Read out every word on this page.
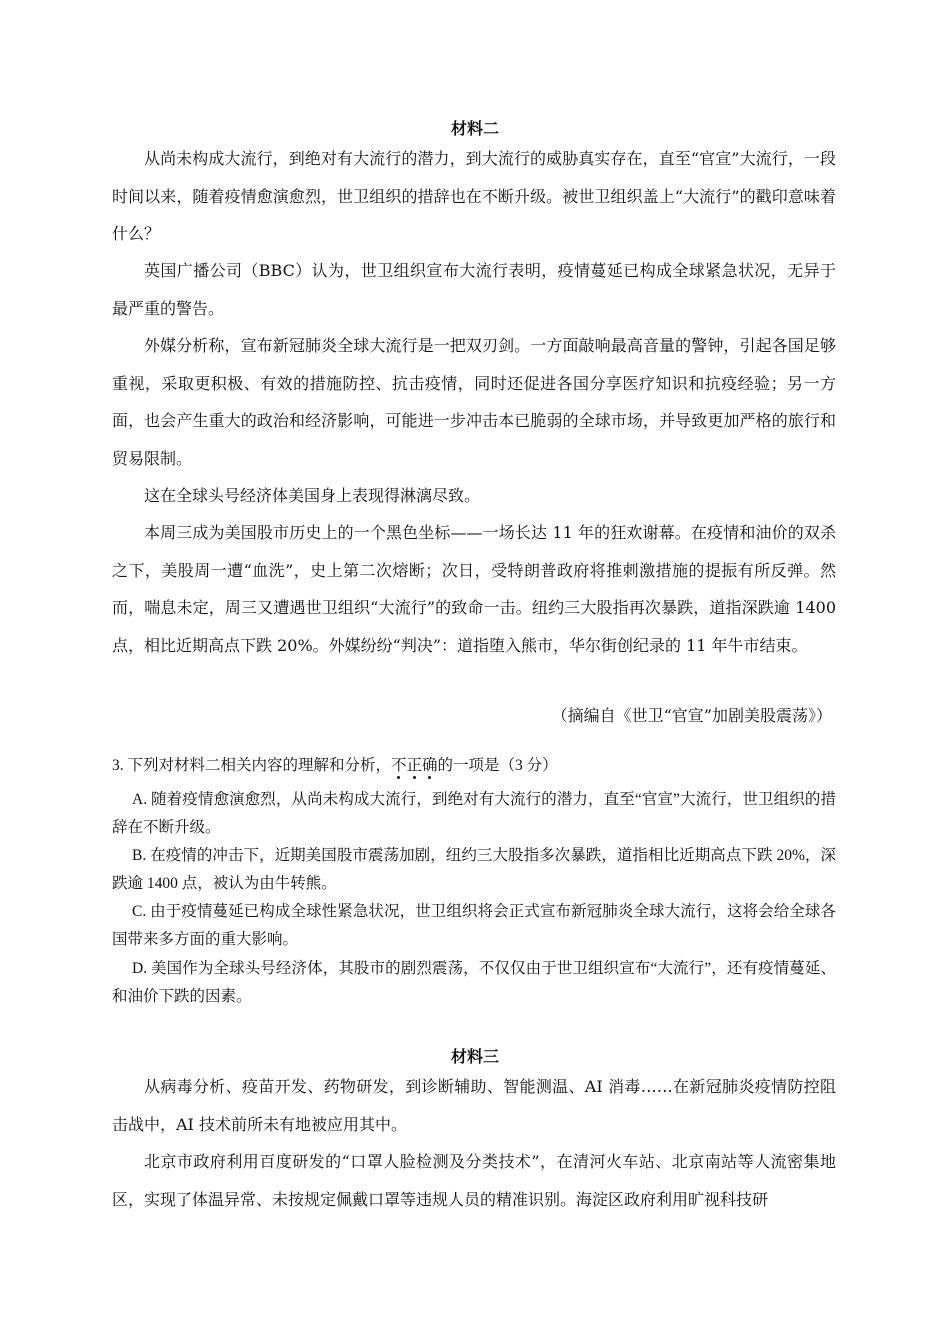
材料二

从尚未构成大流行，到绝对有大流行的潜力，到大流行的威胁真实存在，直至“官宣”大流行，一段时间以来，随着疫情愈演愈烈，世卫组织的措辞也在不断升级。被世卫组织盖上“大流行”的戳印意味着什么？

英国广播公司（BBC）认为，世卫组织宣布大流行表明，疫情蔓延已构成全球紧急状况，无异于最严重的警告。

外媒分析称，宣布新冠肺炎全球大流行是一把双刃剑。一方面敲响最高音量的警钟，引起各国足够重视，采取更积极、有效的措施防控、抗击疫情，同时还促进各国分享医疗知识和抗疫经验；另一方面，也会产生重大的政治和经济影响，可能进一步冲击本已脆弱的全球市场，并导致更加严格的旅行和贸易限制。

这在全球头号经济体美国身上表现得淋漓尽致。

本周三成为美国股市历史上的一个黑色坐标——一场长达 11 年的狂欢谢幕。在疫情和油价的双杀之下，美股周一遭“血洗”，史上第二次熔断；次日，受特朗普政府将推刺激措施的提振有所反弹。然而，喘息未定，周三又遭遇世卫组织“大流行”的致命一击。纽约三大股指再次暴跌，道指深跌逾 1400 点，相比近期高点下跌 20%。外媒纷纷“判决”：道指堕入熊市，华尔街创纪录的 11 年牛市结束。

（摘编自《世卫“官宣”加剧美股震荡》）

3. 下列对材料二相关内容的理解和分析，不正确
的一项是（3 分）

A. 随着疫情愈演愈烈，从尚未构成大流行，到绝对有大流行的潜力，直至“官宣”大流行，世卫组织的措辞在不断升级。

B. 在疫情的冲击下，近期美国股市震荡加剧，纽约三大股指多次暴跌，道指相比近期高点下跌 20%，深跌逾 1400 点，被认为由牛转熊。

C. 由于疫情蔓延已构成全球性紧急状况，世卫组织将会正式宣布新冠肺炎全球大流行，这将会给全球各国带来多方面的重大影响。

D. 美国作为全球头号经济体，其股市的剧烈震荡，不仅仅由于世卫组织宣布“大流行”，还有疫情蔓延、和油价下跌的因素。

材料三

从病毒分析、疫苗开发、药物研发，到诊断辅助、智能测温、AI 消毒……在新冠肺炎疫情防控阻击战中，AI 技术前所未有地被应用其中。

北京市政府利用百度研发的“口罩人脸检测及分类技术”，在清河火车站、北京南站等人流密集地区，实现了体温异常、未按规定佩戴口罩等违规人员的精准识别。海淀区政府利用旷视科技研
